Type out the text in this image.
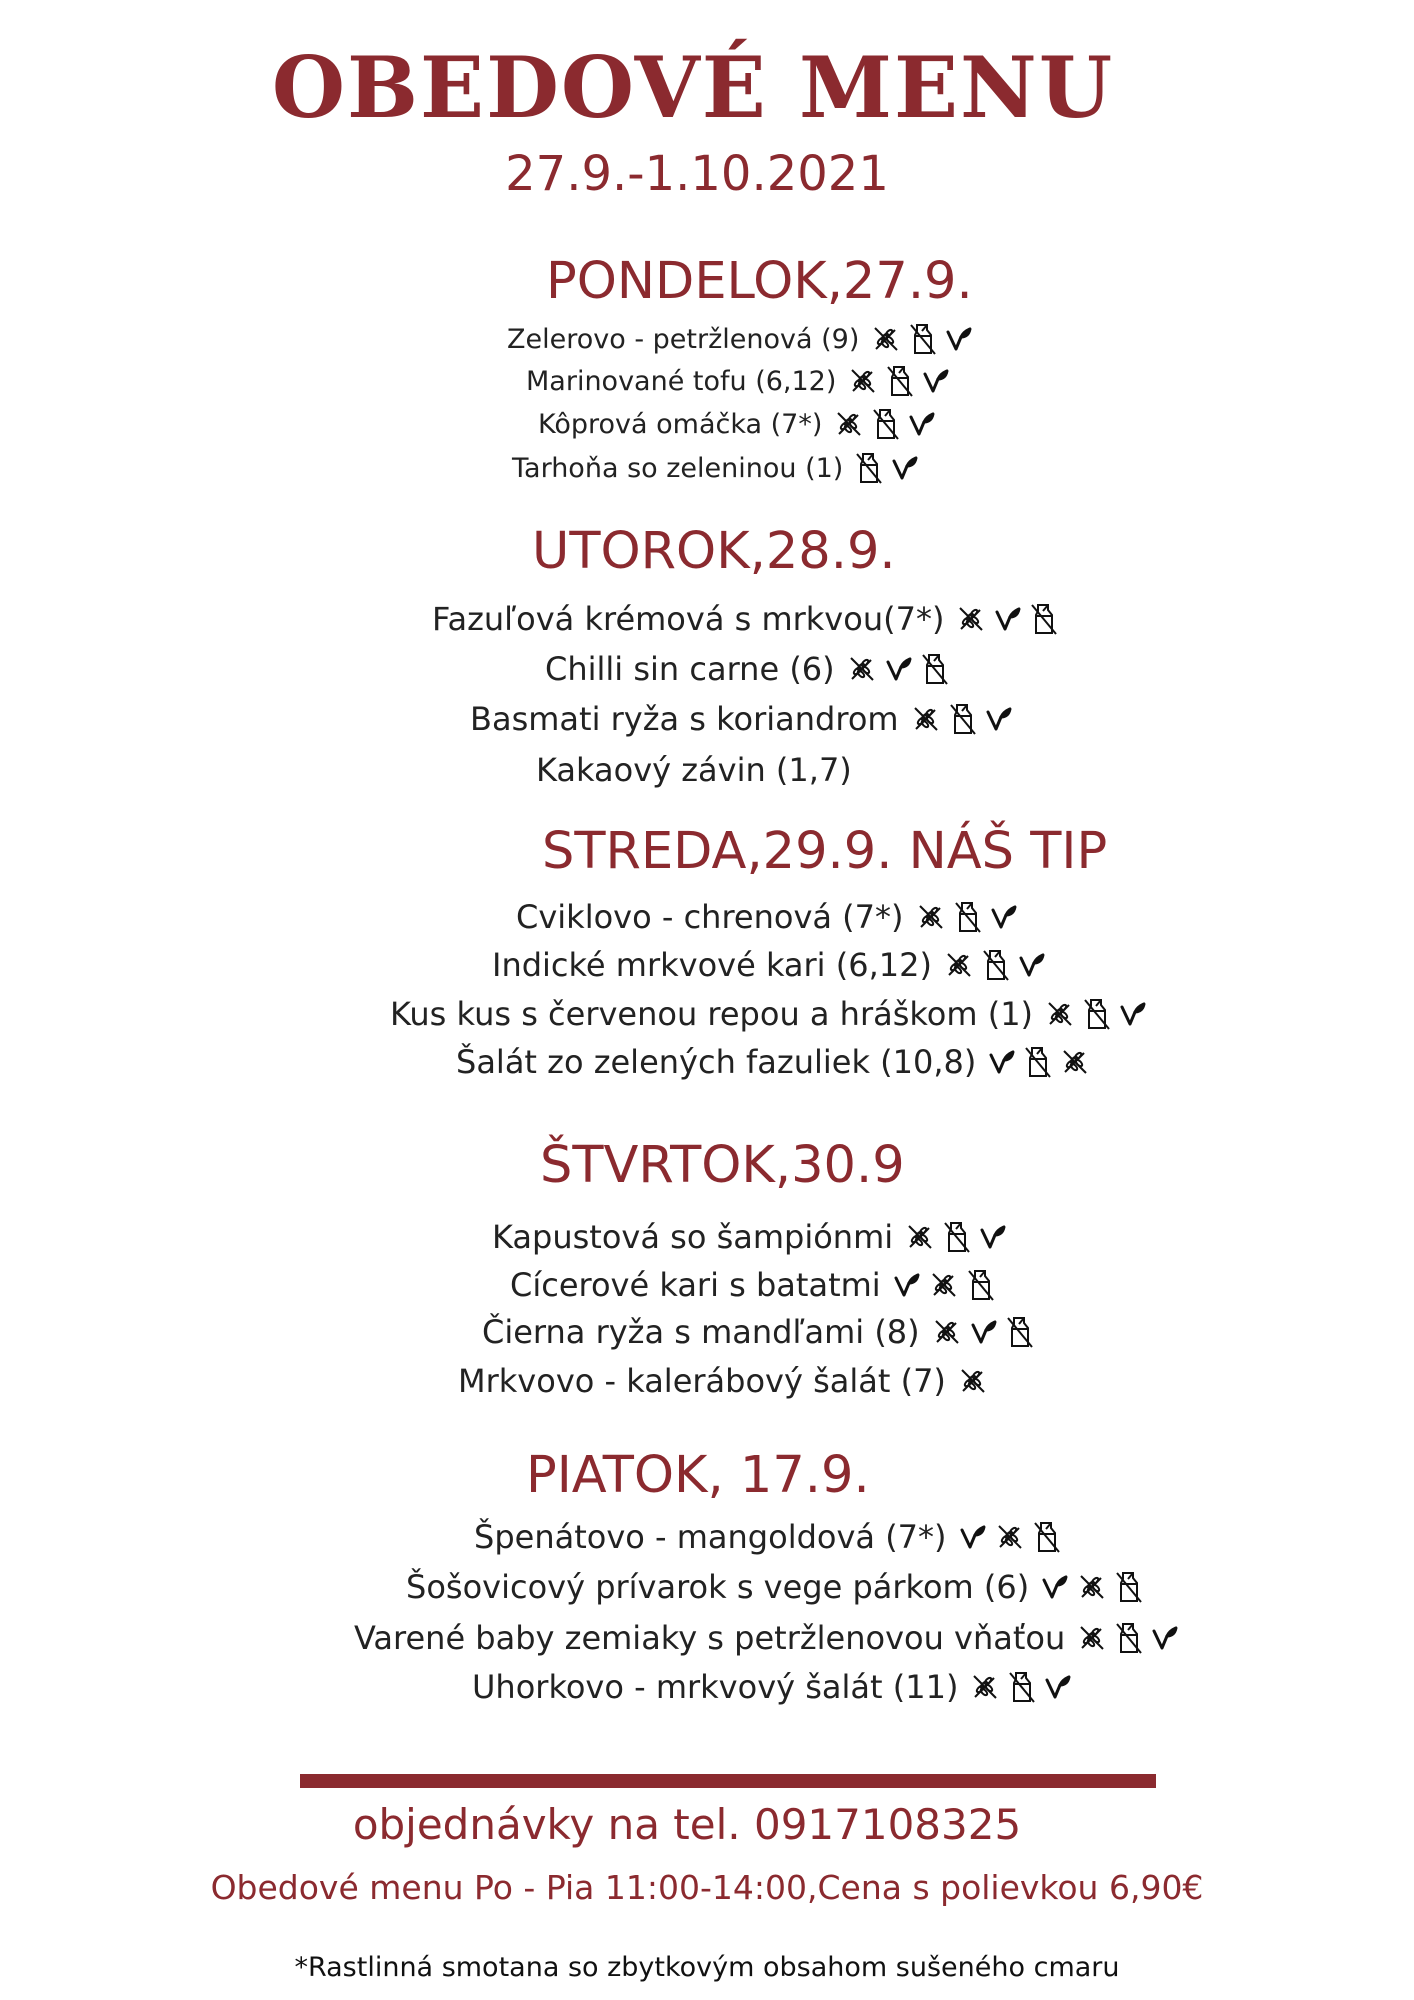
OBEDOVÉ MENU
27.9.-1.10.2021
PONDELOK,27.9.
Zelerovo - petržlenová (9)
Marinované tofu (6,12)
Kôprová omáčka (7*)
Tarhoňa so zeleninou (1)
UTOROK,28.9.
Fazuľová krémová s mrkvou(7*)
Chilli sin carne (6)
Basmati ryža s koriandrom
Kakaový závin (1,7)
STREDA,29.9. NÁŠ TIP
Cviklovo - chrenová (7*)
Indické mrkvové kari (6,12)
Kus kus s červenou repou a hráškom (1)
Šalát zo zelených fazuliek (10,8)
ŠTVRTOK,30.9
Kapustová so šampiónmi
Cícerové kari s batatmi
Čierna ryža s mandľami (8)
Mrkvovo - kalerábový šalát (7)
PIATOK, 17.9.
Špenátovo - mangoldová (7*)
Šošovicový prívarok s vege párkom (6)
Varené baby zemiaky s petržlenovou vňaťou
Uhorkovo - mrkvový šalát (11)
objednávky na tel. 0917108325
Obedové menu Po - Pia 11:00-14:00,Cena s polievkou 6,90€
*Rastlinná smotana so zbytkovým obsahom sušeného cmaru
